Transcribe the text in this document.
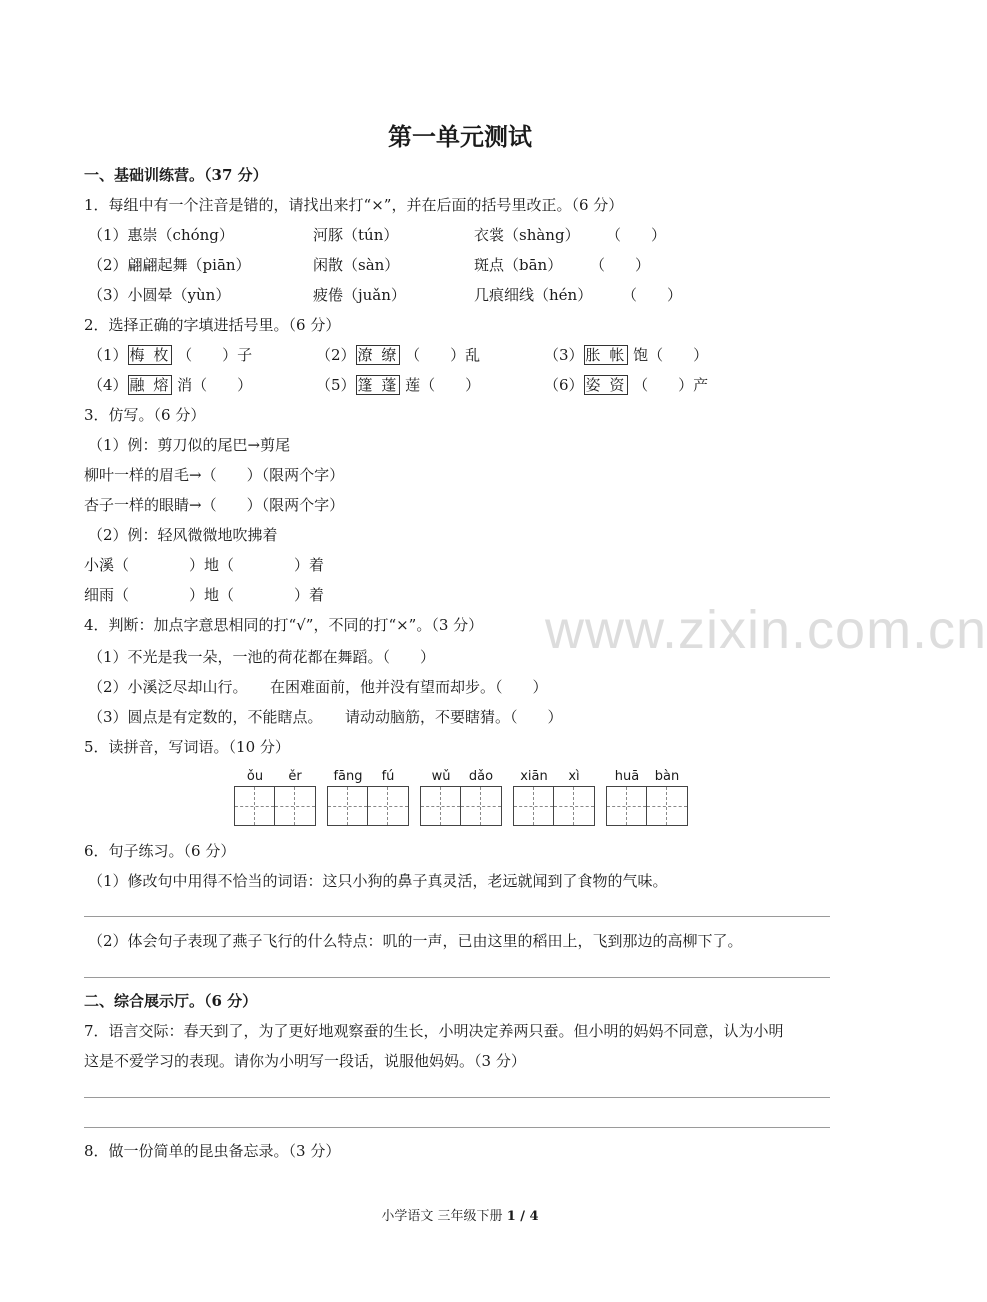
www.zixin.com.cn
第一单元测试
一、基础训练营。（37 分）
1．每组中有一个注音是错的，请找出来打“×”，并在后面的括号里改正。（6 分）
（1）惠崇（chóng）	河豚（tún）	衣裳（shàng） （　　）
（2）翩翩起舞（piān）	闲散（sàn）	斑点（bān） （　　）
（3）小圆晕（yùn）	疲倦（juǎn）	几痕细线（hén） （　　）
2．选择正确的字填进括号里。（6 分）
（1） 梅 枚 （　　）子	（2） 潦 缭 （　　）乱	（3） 胀 帐 饱（　　）
（4） 融 熔 消（　　）	（5） 篷 蓬 莲（　　）	（6） 姿 资 （　　）产
3．仿写。（6 分）
（1）例：剪刀似的尾巴→剪尾
柳叶一样的眉毛→（　　）（限两个字）
杏子一样的眼睛→（　　）（限两个字）
（2）例：轻风微微地吹拂着
小溪（　　　　）地（　　　　）着
细雨（　　　　）地（　　　　）着
4．判断：加点字意思相同的打“√”，不同的打“×”。（3 分）
（1）不光是我一朵，一池的荷花都在舞蹈。（　　）
（2）小溪泛尽却山行。　　在困难面前，他并没有望而却步。（　　）
（3）圆点是有定数的，不能瞎点。　　请动动脑筋，不要瞎猜。（　　）
5．读拼音，写词语。（10 分）
ǒu	ěr	fāng	fú	wǔ	dǎo	xiān	xì	huā	bàn
6．句子练习。（6 分）
（1）修改句中用得不恰当的词语：这只小狗的鼻子真灵活，老远就闻到了食物的气味。
（2）体会句子表现了燕子飞行的什么特点：叽的一声，已由这里的稻田上，飞到那边的高柳下了。
二、综合展示厅。（6 分）
7．语言交际：春天到了，为了更好地观察蚕的生长，小明决定养两只蚕。但小明的妈妈不同意，认为小明
这是不爱学习的表现。请你为小明写一段话，说服他妈妈。（3 分）
8．做一份简单的昆虫备忘录。（3 分）
小学语文 三年级下册 1 / 4
